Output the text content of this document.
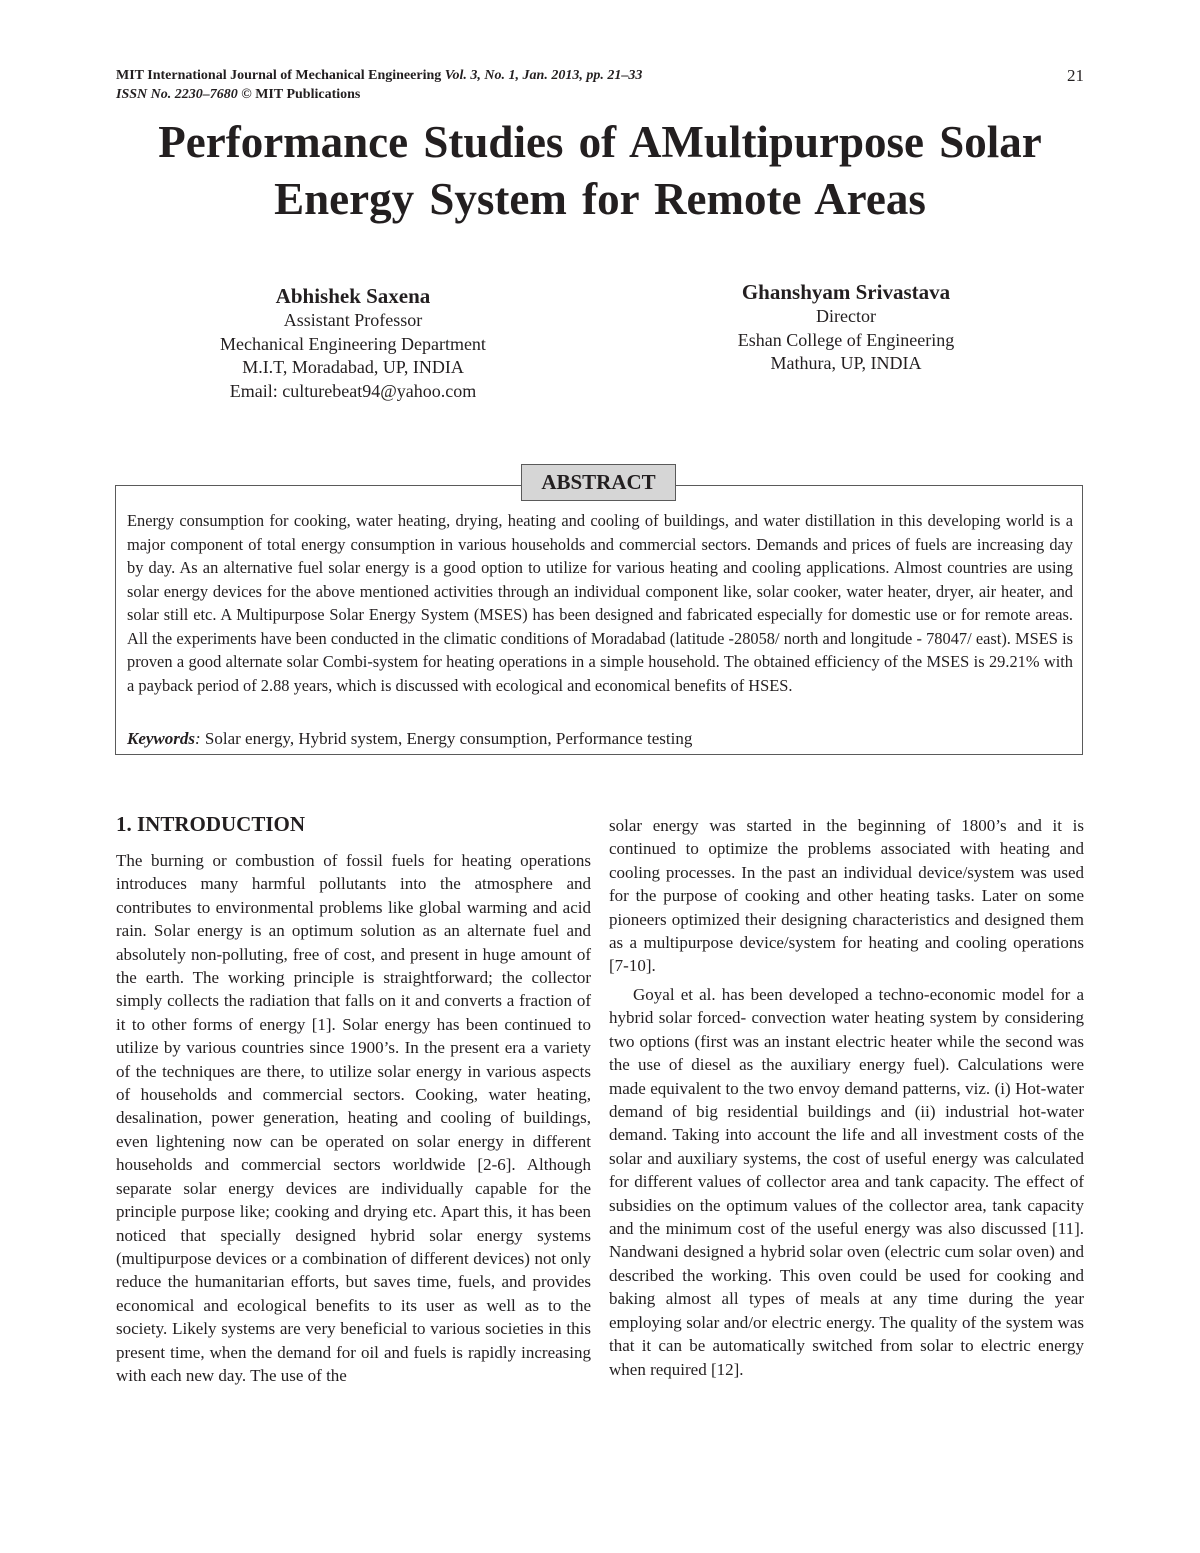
MIT International Journal of Mechanical Engineering Vol. 3, No. 1, Jan. 2013, pp. 21–33
ISSN No. 2230–7680 © MIT Publications
21
Performance Studies of AMultipurpose Solar
Energy System for Remote Areas
Abhishek Saxena
Assistant Professor
Mechanical Engineering Department
M.I.T, Moradabad, UP, INDIA
Email: culturebeat94@yahoo.com
Ghanshyam Srivastava
Director
Eshan College of Engineering
Mathura, UP, INDIA
ABSTRACT

Energy consumption for cooking, water heating, drying, heating and cooling of buildings, and water distillation in this developing world is a major component of total energy consumption in various households and commercial sectors. Demands and prices of fuels are increasing day by day. As an alternative fuel solar energy is a good option to utilize for various heating and cooling applications. Almost countries are using solar energy devices for the above mentioned activities through an individual component like, solar cooker, water heater, dryer, air heater, and solar still etc. A Multipurpose Solar Energy System (MSES) has been designed and fabricated especially for domestic use or for remote areas. All the experiments have been conducted in the climatic conditions of Moradabad (latitude -28058/ north and longitude - 78047/ east). MSES is proven a good alternate solar Combi-system for heating operations in a simple household. The obtained efficiency of the MSES is 29.21% with a payback period of 2.88 years, which is discussed with ecological and economical benefits of HSES.

Keywords: Solar energy, Hybrid system, Energy consumption, Performance testing

1. INTRODUCTION

The burning or combustion of fossil fuels for heating operations introduces many harmful pollutants into the atmosphere and contributes to environmental problems like global warming and acid rain. Solar energy is an optimum solution as an alternate fuel and absolutely non-polluting, free of cost, and present in huge amount of the earth. The working principle is straightforward; the collector simply collects the radiation that falls on it and converts a fraction of it to other forms of energy [1]. Solar energy has been continued to utilize by various countries since 1900’s. In the present era a variety of the techniques are there, to utilize solar energy in various aspects of households and commercial sectors. Cooking, water heating, desalination, power generation, heating and cooling of buildings, even lightening now can be operated on solar energy in different households and commercial sectors worldwide [2-6]. Although separate solar energy devices are individually capable for the principle purpose like; cooking and drying etc. Apart this, it has been noticed that specially designed hybrid solar energy systems (multipurpose devices or a combination of different devices) not only reduce the humanitarian efforts, but saves time, fuels, and provides economical and ecological benefits to its user as well as to the society. Likely systems are very beneficial to various societies in this present time, when the demand for oil and fuels is rapidly increasing with each new day. The use of the

solar energy was started in the beginning of 1800’s and it is continued to optimize the problems associated with heating and cooling processes. In the past an individual device/system was used for the purpose of cooking and other heating tasks. Later on some pioneers optimized their designing characteristics and designed them as a multipurpose device/system for heating and cooling operations [7-10].

Goyal et al. has been developed a techno-economic model for a hybrid solar forced- convection water heating system by considering two options (first was an instant electric heater while the second was the use of diesel as the auxiliary energy fuel). Calculations were made equivalent to the two envoy demand patterns, viz. (i) Hot-water demand of big residential buildings and (ii) industrial hot-water demand. Taking into account the life and all investment costs of the solar and auxiliary systems, the cost of useful energy was calculated for different values of collector area and tank capacity. The effect of subsidies on the optimum values of the collector area, tank capacity and the minimum cost of the useful energy was also discussed [11]. Nandwani designed a hybrid solar oven (electric cum solar oven) and described the working. This oven could be used for cooking and baking almost all types of meals at any time during the year employing solar and/or electric energy. The quality of the system was that it can be automatically switched from solar to electric energy when required [12].
